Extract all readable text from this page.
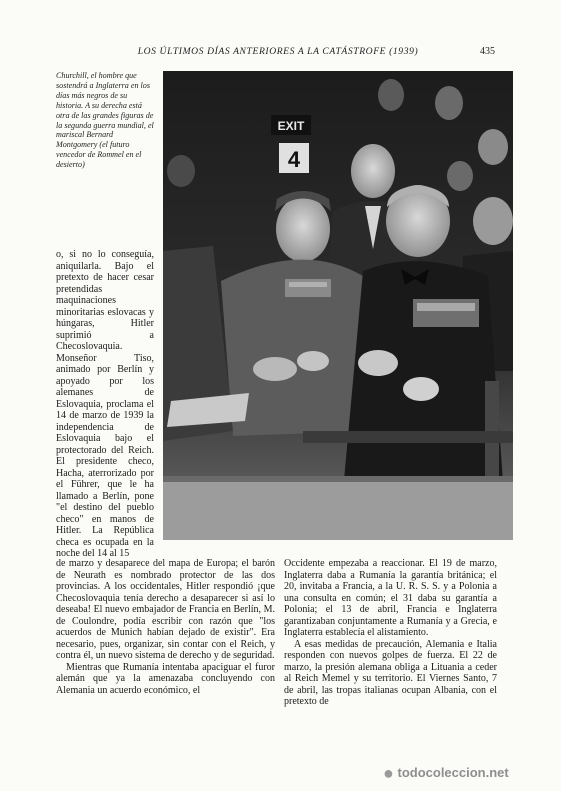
LOS ÚLTIMOS DÍAS ANTERIORES A LA CATÁSTROFE (1939)	435
Churchill, el hombre que sostendrá a Inglaterra en los días más negros de su historia. A su derecha está otra de las grandes figuras de la segunda guerra mundial, el mariscal Bernard Montgomery (el futuro vencedor de Rommel en el desierto)
EXIT
4

o, si no lo conseguía, aniquilarla. Bajo el pretexto de hacer cesar pretendidas maquinaciones minoritarias eslovacas y húngaras, Hitler suprimió a Checoslovaquia. Monseñor Tiso, animado por Berlín y apoyado por los alemanes de Eslovaquia, proclama el 14 de marzo de 1939 la independencia de Eslovaquia bajo el protectorado del Reich. El presidente checo, Hacha, aterrorizado por el Führer, que le ha llamado a Berlín, pone "el destino del pueblo checo" en manos de Hitler. La República checa es ocupada en la noche del 14 al 15

de marzo y desaparece del mapa de Europa; el barón de Neurath es nombrado protector de las dos provincias. A los occidentales, Hitler respondió ¡que Checoslovaquia tenía derecho a desaparecer si así lo deseaba! El nuevo embajador de Francia en Berlín, M. de Coulondre, podía escribir con razón que "los acuerdos de Munich habían dejado de existir". Era necesario, pues, organizar, sin contar con el Reich, y contra él, un nuevo sistema de derecho y de seguridad.

Mientras que Rumanía intentaba apaciguar el furor alemán que ya la amenazaba concluyendo con Alemania un acuerdo económico, el

Occidente empezaba a reaccionar. El 19 de marzo, Inglaterra daba a Rumanía la garantía británica; el 20, invitaba a Francia, a la U. R. S. S. y a Polonia a una consulta en común; el 31 daba su garantía a Polonia; el 13 de abril, Francia e Inglaterra garantizaban conjuntamente a Rumanía y a Grecia, e Inglaterra establecía el alistamiento.

A esas medidas de precaución, Alemania e Italia responden con nuevos golpes de fuerza. El 22 de marzo, la presión alemana obliga a Lituania a ceder al Reich Memel y su territorio. El Viernes Santo, 7 de abril, las tropas italianas ocupan Albania, con el pretexto de

● todocoleccion.net
